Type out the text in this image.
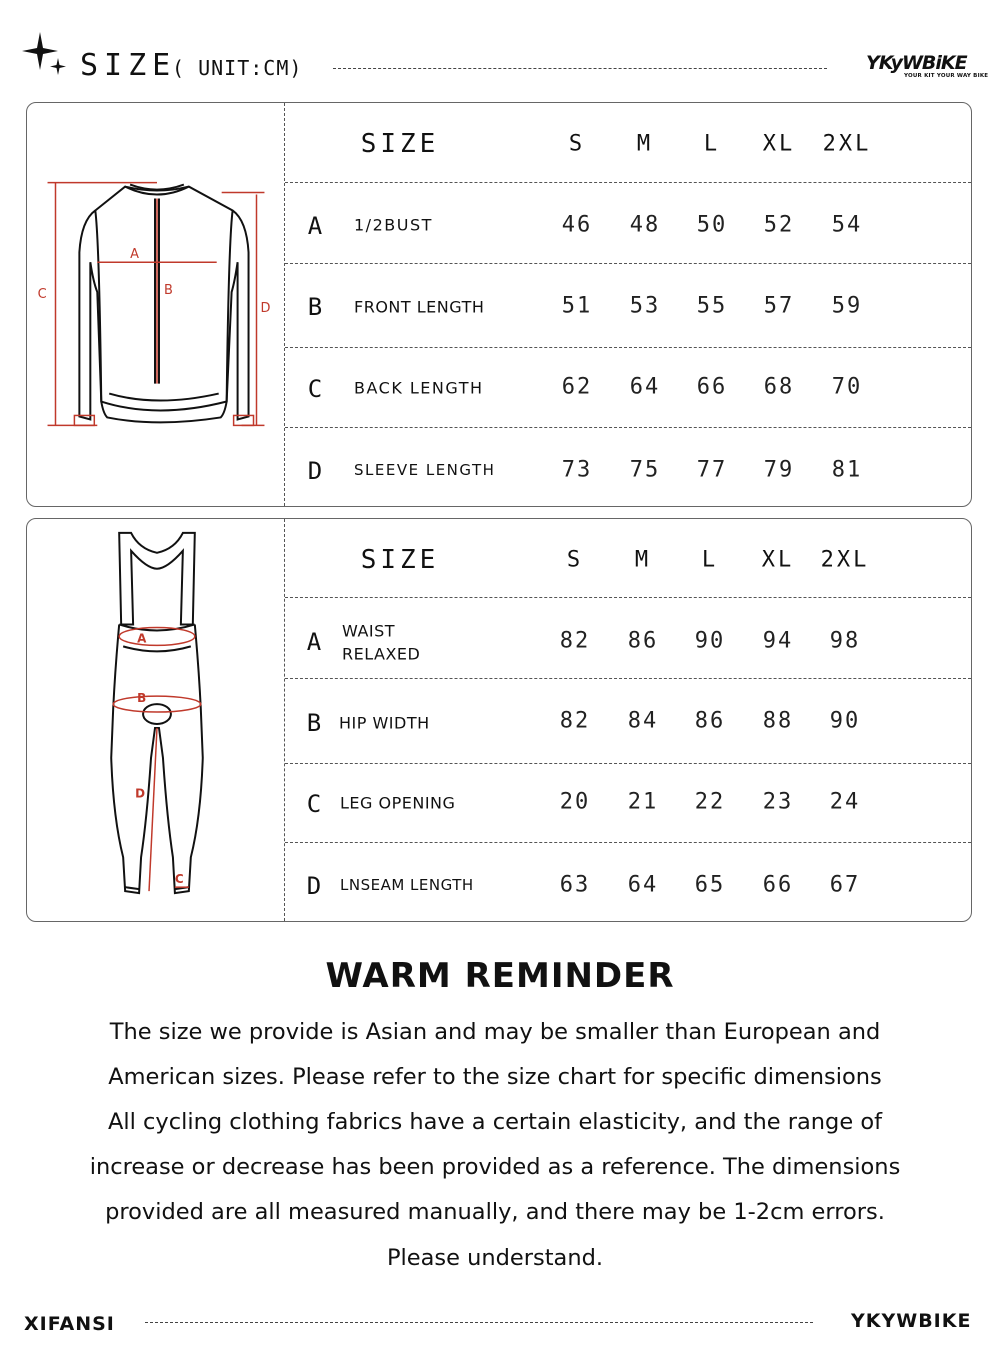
SIZE
( UNIT:CM)	YKyWBiKE
YOUR KIT YOUR WAY BIKE
A
B
C
D
SIZE	S M L XL 2XL
A 1/2BUST	46 48 50 52 54
B FRONT LENGTH	51 53 55 57 59
C BACK LENGTH	62 64 66 68 70
D SLEEVE LENGTH	73 75 77 79 81
A
B
D
C
SIZE	S M L XL 2XL
A WAIST
RELAXED
82 86 90 94 98
B HIP WIDTH	82 84 86 88 90
C LEG OPENING	20 21 22 23 24
D LNSEAM LENGTH	63 64 65 66 67
WARM REMINDER
The size we provide is Asian and may be smaller than European and
American sizes. Please refer to the size chart for specific dimensions
All cycling clothing fabrics have a certain elasticity, and the range of
increase or decrease has been provided as a reference. The dimensions
provided are all measured manually, and there may be 1-2cm errors.
Please understand.
XIFANSI	YKYWBIKE
